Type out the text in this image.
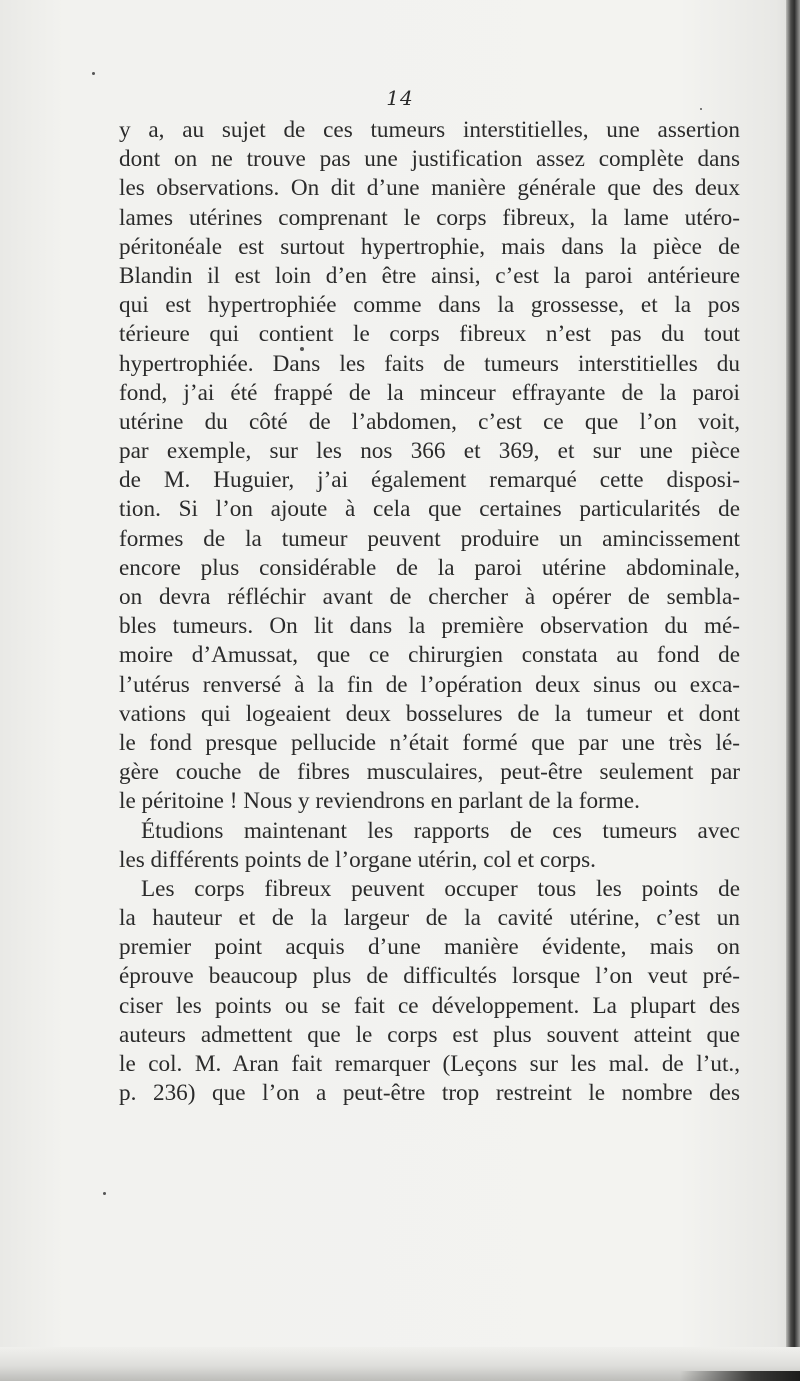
14
y a, au sujet de ces tumeurs interstitielles, une assertion
dont on ne trouve pas une justification assez complète dans
les observations. On dit d’une manière générale que des deux
lames utérines comprenant le corps fibreux, la lame utéro-
péritonéale est surtout hypertrophie, mais dans la pièce de
Blandin il est loin d’en être ainsi, c’est la paroi antérieure
qui est hypertrophiée comme dans la grossesse, et la pos
térieure qui contient le corps fibreux n’est pas du tout
hypertrophiée. Dans les faits de tumeurs interstitielles du
fond, j’ai été frappé de la minceur effrayante de la paroi
utérine du côté de l’abdomen, c’est ce que l’on voit,
par exemple, sur les nos 366 et 369, et sur une pièce
de M. Huguier, j’ai également remarqué cette disposi-
tion. Si l’on ajoute à cela que certaines particularités de
formes de la tumeur peuvent produire un amincissement
encore plus considérable de la paroi utérine abdominale,
on devra réfléchir avant de chercher à opérer de sembla-
bles tumeurs. On lit dans la première observation du mé-
moire d’Amussat, que ce chirurgien constata au fond de
l’utérus renversé à la fin de l’opération deux sinus ou exca-
vations qui logeaient deux bosselures de la tumeur et dont
le fond presque pellucide n’était formé que par une très lé-
gère couche de fibres musculaires, peut-être seulement par
le péritoine ! Nous y reviendrons en parlant de la forme.
Étudions maintenant les rapports de ces tumeurs avec
les différents points de l’organe utérin, col et corps.
Les corps fibreux peuvent occuper tous les points de
la hauteur et de la largeur de la cavité utérine, c’est un
premier point acquis d’une manière évidente, mais on
éprouve beaucoup plus de difficultés lorsque l’on veut pré-
ciser les points ou se fait ce développement. La plupart des
auteurs admettent que le corps est plus souvent atteint que
le col. M. Aran fait remarquer (Leçons sur les mal. de l’ut.,
p. 236) que l’on a peut-être trop restreint le nombre des
